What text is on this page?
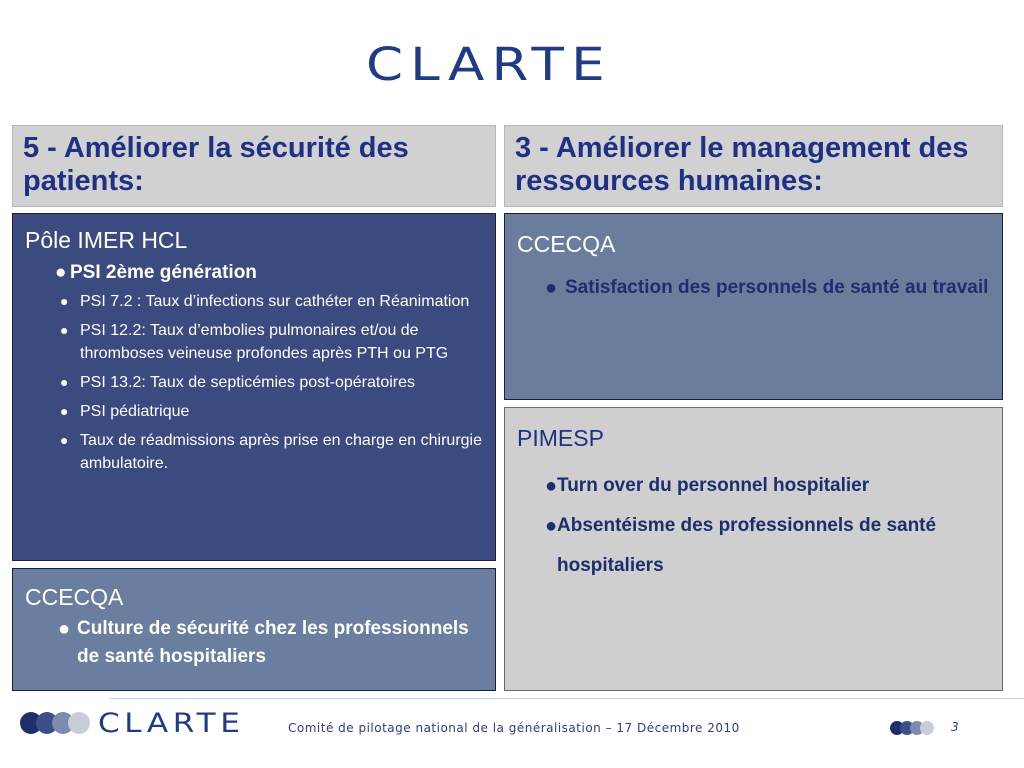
CLARTE
5 - Améliorer la sécurité des patients:
3 - Améliorer le management des ressources humaines:
Pôle IMER HCL
● PSI 2ème génération
● PSI 7.2 : Taux d’infections sur cathéter en Réanimation
● PSI 12.2: Taux d’embolies pulmonaires et/ou de thromboses veineuse profondes après PTH ou PTG
● PSI 13.2: Taux de septicémies post-opératoires
● PSI pédiatrique
● Taux de réadmissions après prise en charge en chirurgie ambulatoire.
CCECQA
● Culture de sécurité chez les professionnels de santé hospitaliers
CCECQA
● Satisfaction des personnels de santé au travail
PIMESP
● Turn over du personnel hospitalier
● Absentéisme des professionnels de santé hospitaliers
CLARTE	Comité de pilotage national de la généralisation – 17 Décembre 2010	3
